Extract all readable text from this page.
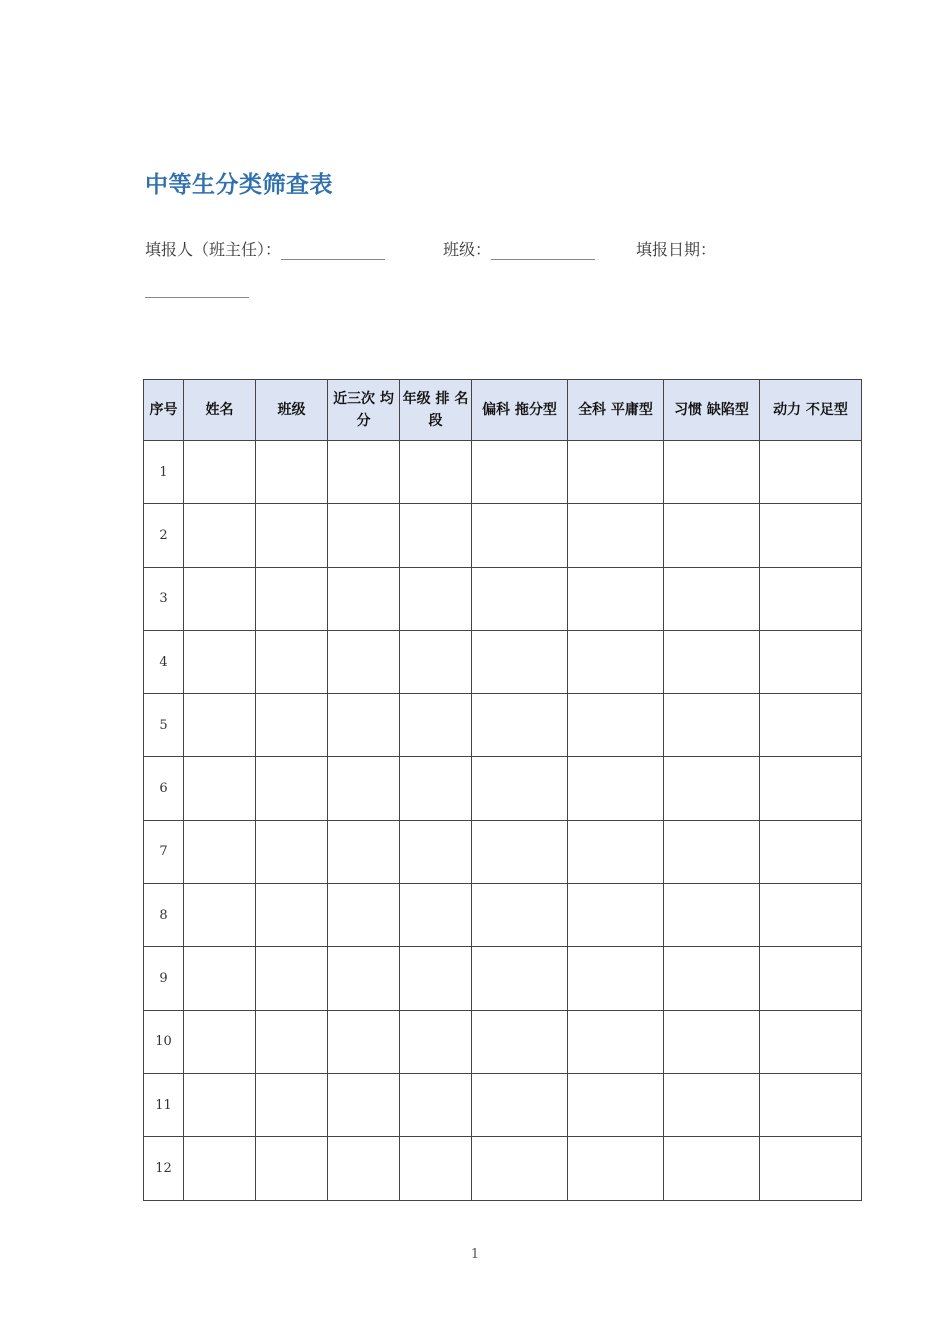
中等生分类筛查表
填报人（班主任）：	班级：	填报日期：
序号	姓名	班级	近三次 均分	年级 排 名段	偏科 拖分型	全科 平庸型	习惯 缺陷型	动力 不足型
1								
2								
3								
4								
5								
6								
7								
8								
9								
10								
11								
12								
1
